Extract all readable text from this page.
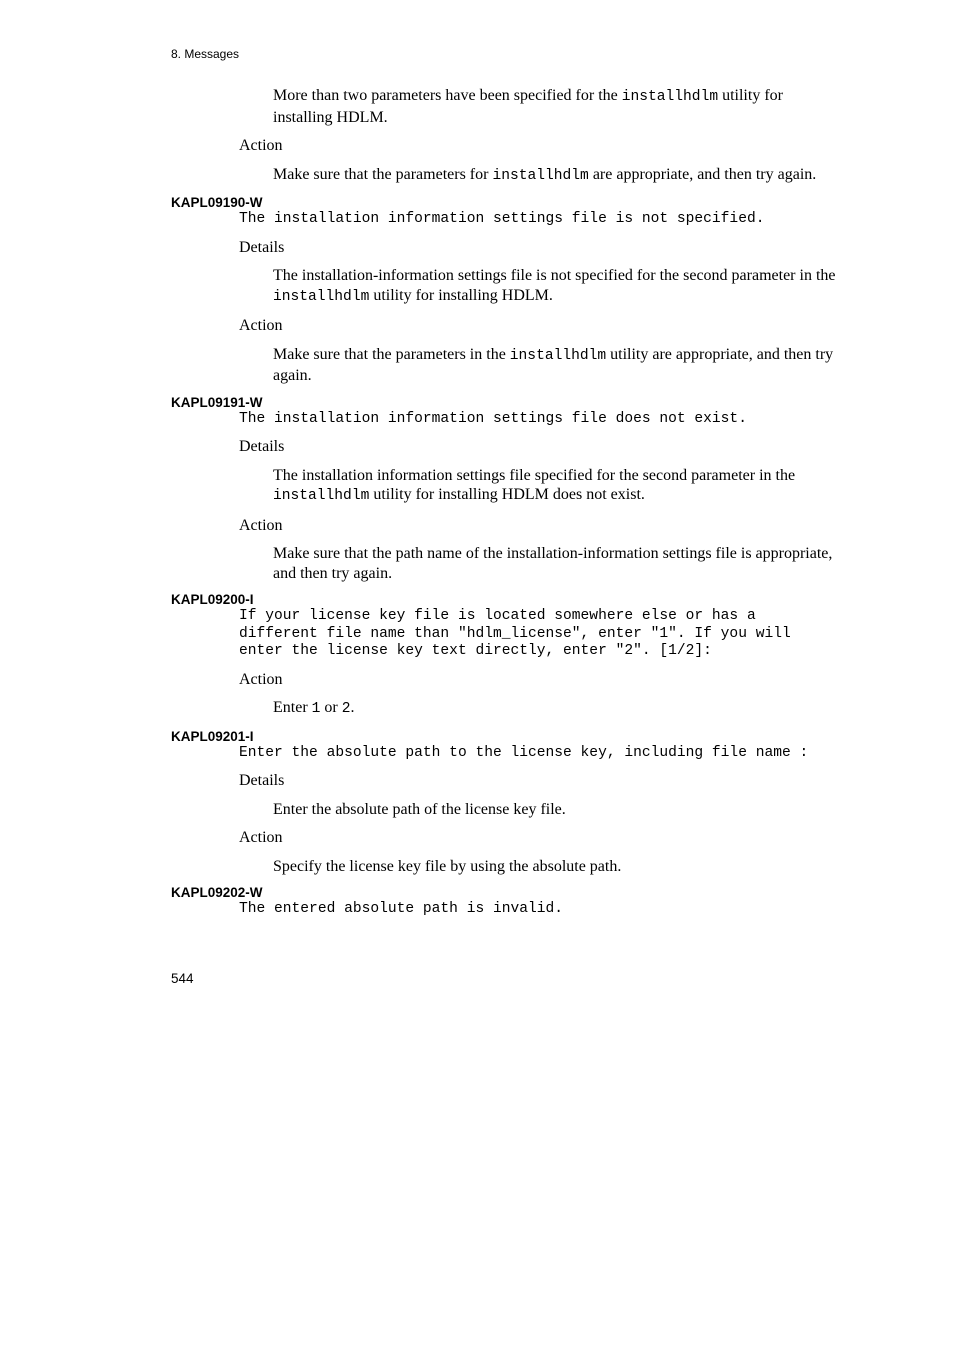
8. Messages
More than two parameters have been specified for the installhdlm utility for installing HDLM.
Action
Make sure that the parameters for installhdlm are appropriate, and then try again.
KAPL09190-W
The installation information settings file is not specified.
Details
The installation-information settings file is not specified for the second parameter in the installhdlm utility for installing HDLM.
Action
Make sure that the parameters in the installhdlm utility are appropriate, and then try again.
KAPL09191-W
The installation information settings file does not exist.
Details
The installation information settings file specified for the second parameter in the installhdlm utility for installing HDLM does not exist.
Action
Make sure that the path name of the installation-information settings file is appropriate, and then try again.
KAPL09200-I
If your license key file is located somewhere else or has a different file name than "hdlm_license", enter "1". If you will enter the license key text directly, enter "2". [1/2]:
Action
Enter 1 or 2.
KAPL09201-I
Enter the absolute path to the license key, including file name :
Details
Enter the absolute path of the license key file.
Action
Specify the license key file by using the absolute path.
KAPL09202-W
The entered absolute path is invalid.
544
